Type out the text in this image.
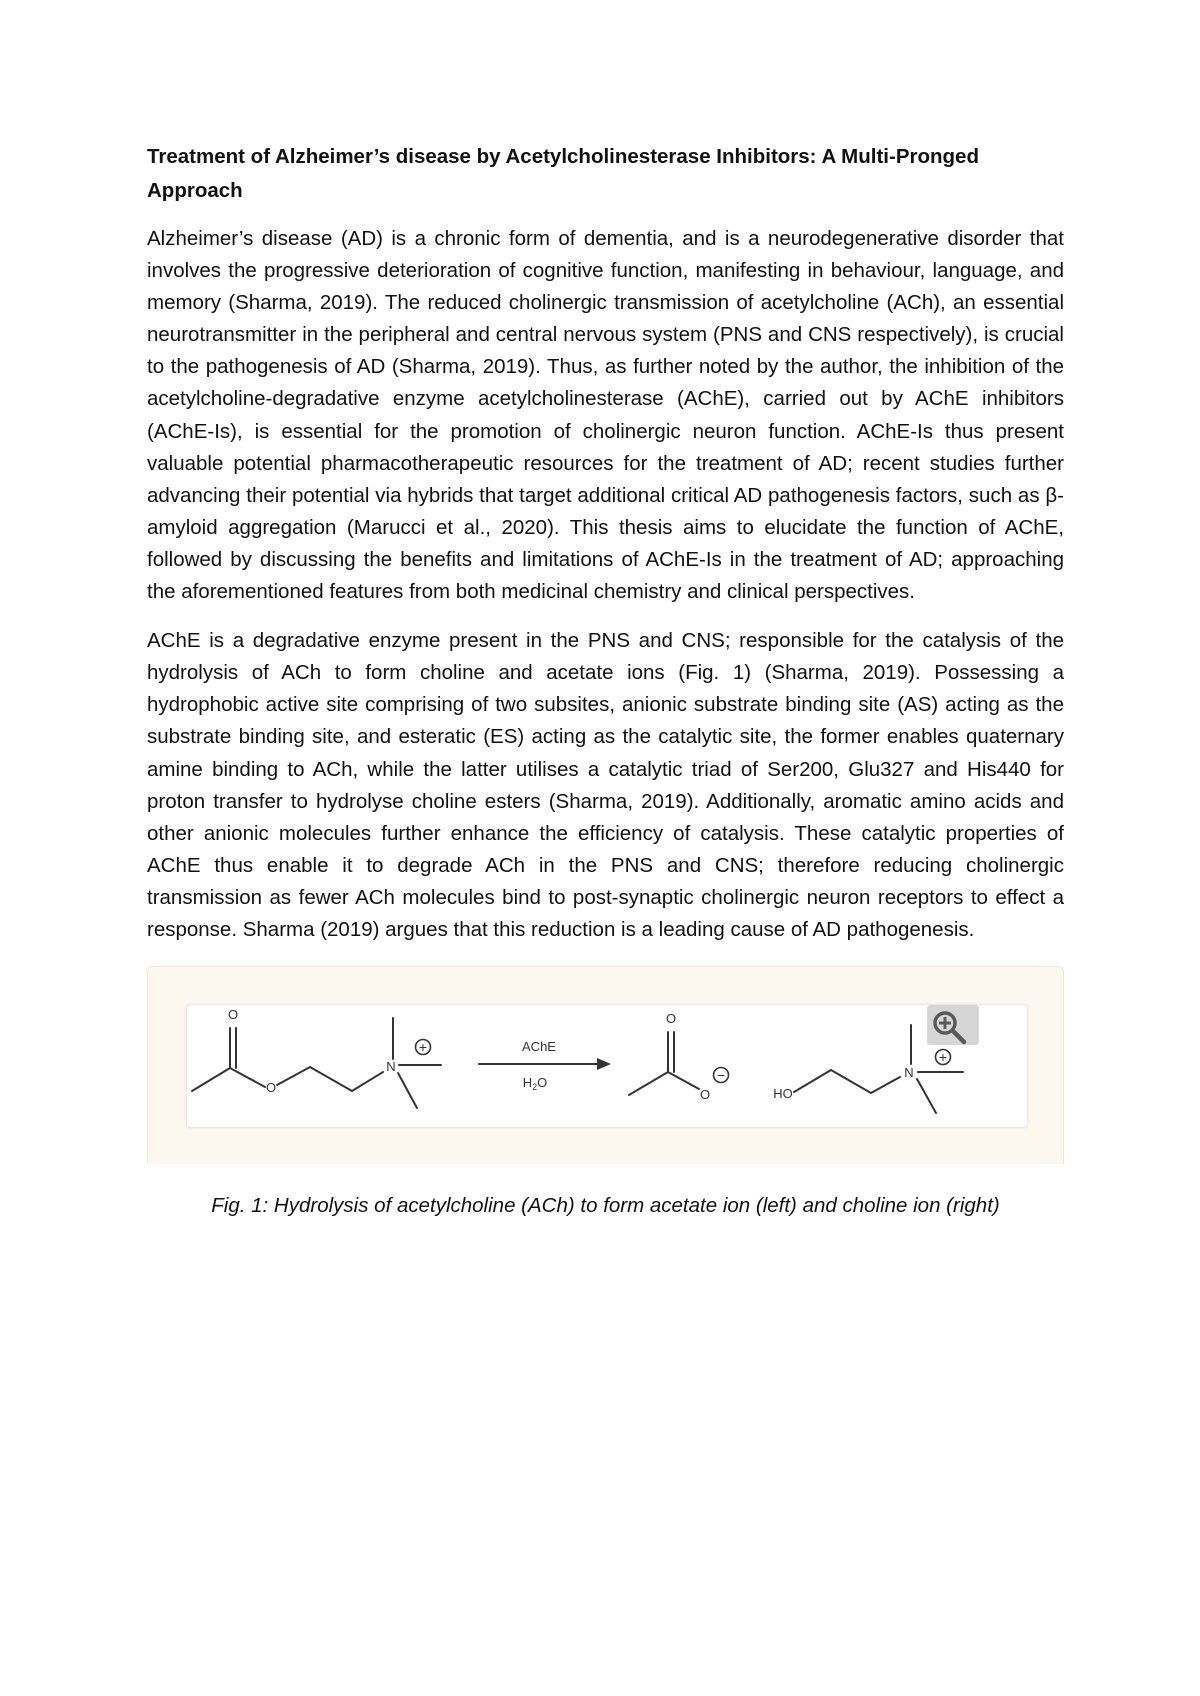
Treatment of Alzheimer’s disease by Acetylcholinesterase Inhibitors: A Multi-Pronged Approach

Alzheimer’s disease (AD) is a chronic form of dementia, and is a neurodegenerative disorder that involves the progressive deterioration of cognitive function, manifesting in behaviour, language, and memory (Sharma, 2019). The reduced cholinergic transmission of acetylcholine (ACh), an essential neurotransmitter in the peripheral and central nervous system (PNS and CNS respectively), is crucial to the pathogenesis of AD (Sharma, 2019). Thus, as further noted by the author, the inhibition of the acetylcholine-degradative enzyme acetylcholinesterase (AChE), carried out by AChE inhibitors (AChE-Is), is essential for the promotion of cholinergic neuron function. AChE-Is thus present valuable potential pharmacotherapeutic resources for the treatment of AD; recent studies further advancing their potential via hybrids that target additional critical AD pathogenesis factors, such as β-amyloid aggregation (Marucci et al., 2020). This thesis aims to elucidate the function of AChE, followed by discussing the benefits and limitations of AChE-Is in the treatment of AD; approaching the aforementioned features from both medicinal chemistry and clinical perspectives.

AChE is a degradative enzyme present in the PNS and CNS; responsible for the catalysis of the hydrolysis of ACh to form choline and acetate ions (Fig. 1) (Sharma, 2019). Possessing a hydrophobic active site comprising of two subsites, anionic substrate binding site (AS) acting as the substrate binding site, and esteratic (ES) acting as the catalytic site, the former enables quaternary amine binding to ACh, while the latter utilises a catalytic triad of Ser200, Glu327 and His440 for proton transfer to hydrolyse choline esters (Sharma, 2019). Additionally, aromatic amino acids and other anionic molecules further enhance the efficiency of catalysis. These catalytic properties of AChE thus enable it to degrade ACh in the PNS and CNS; therefore reducing cholinergic transmission as fewer ACh molecules bind to post-synaptic cholinergic neuron receptors to effect a response. Sharma (2019) argues that this reduction is a leading cause of AD pathogenesis.

O
O
N
+	AChE
$H_2O$
O
O
−
HO
N
+
Fig. 1: Hydrolysis of acetylcholine (ACh) to form acetate ion (left) and choline ion (right)
